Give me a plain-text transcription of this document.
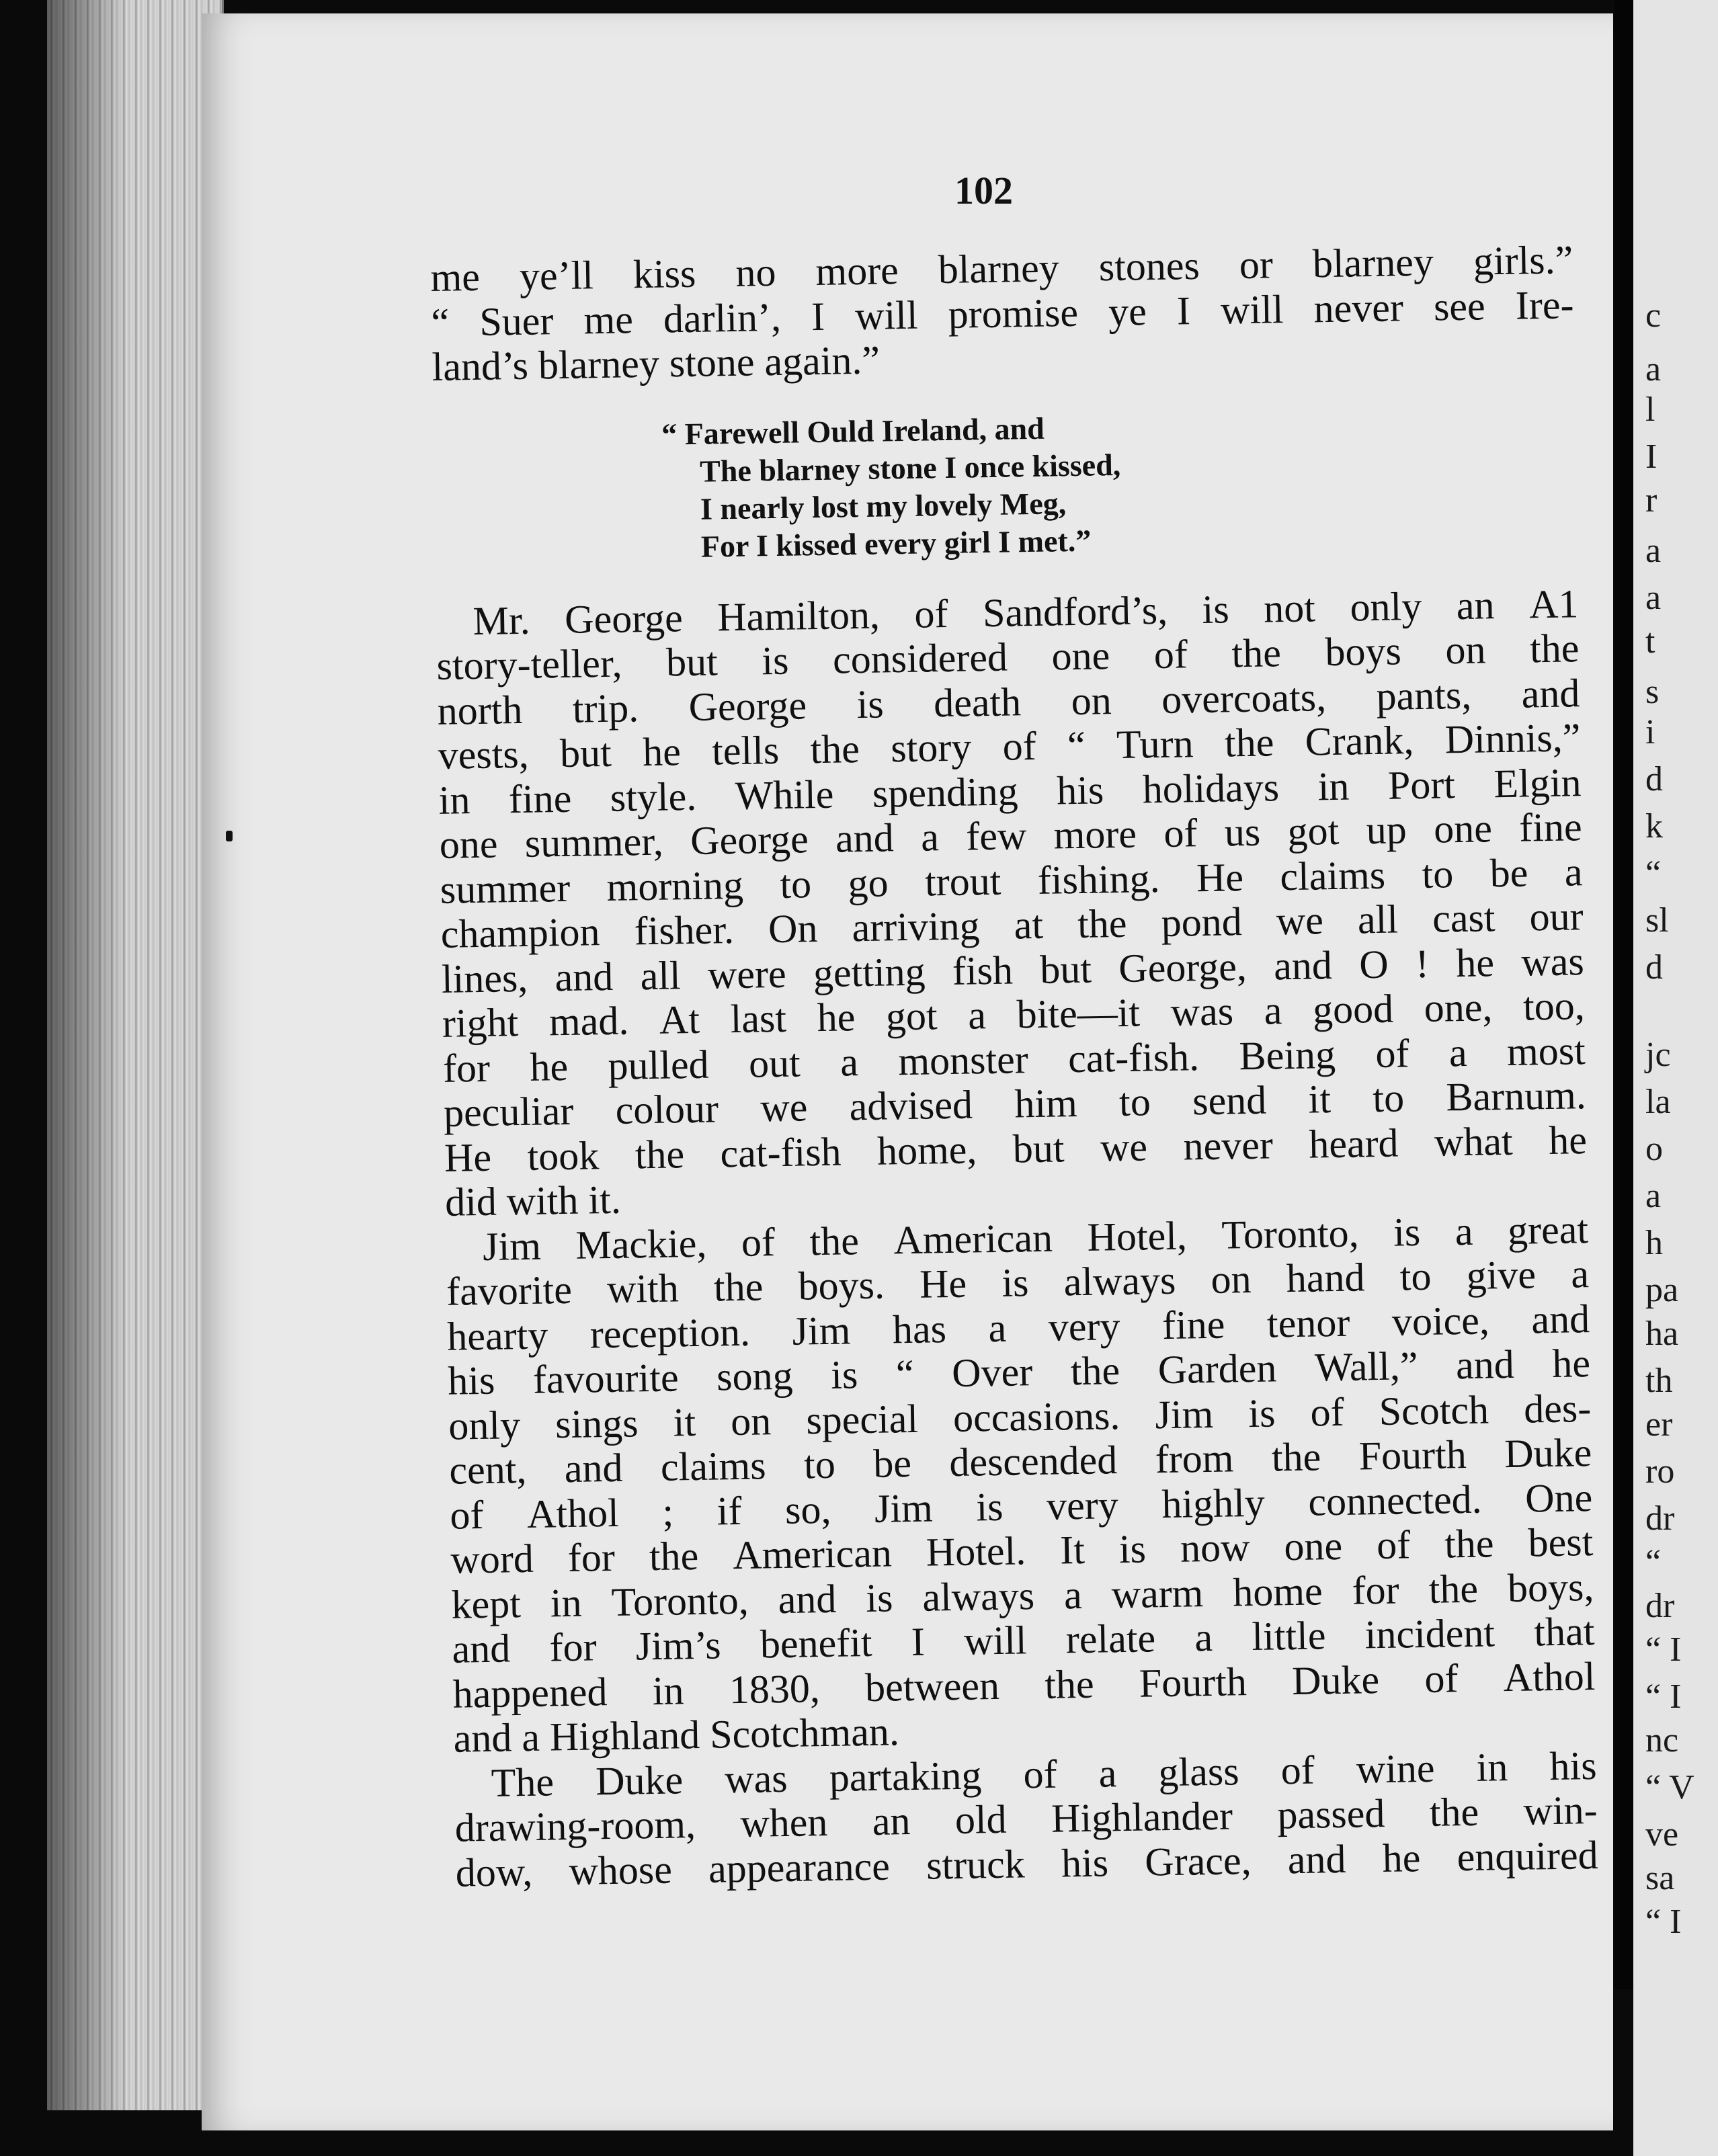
c
a
l
I
r
a
a
t
s
i
d
k
“
sl
d
jc
la
o
a
h
pa
ha
th
er
ro
dr
“
dr
“ I
“ I
nc
“ V
ve
sa
“ I
102
me ye’ll kiss no more blarney stones or blarney girls.”
“ Suer me darlin’, I will promise ye I will never see Ire-
land’s blarney stone again.”
“ Farewell Ould Ireland, and
The blarney stone I once kissed,
I nearly lost my lovely Meg,
For I kissed every girl I met.”
Mr. George Hamilton, of Sandford’s, is not only an A1
story-teller, but is considered one of the boys on the
north trip. George is death on overcoats, pants, and
vests, but he tells the story of “ Turn the Crank, Dinnis,”
in fine style. While spending his holidays in Port Elgin
one summer, George and a few more of us got up one fine
summer morning to go trout fishing. He claims to be a
champion fisher. On arriving at the pond we all cast our
lines, and all were getting fish but George, and O ! he was
right mad. At last he got a bite—it was a good one, too,
for he pulled out a monster cat-fish. Being of a most
peculiar colour we advised him to send it to Barnum.
He took the cat-fish home, but we never heard what he
did with it.
Jim Mackie, of the American Hotel, Toronto, is a great
favorite with the boys. He is always on hand to give a
hearty reception. Jim has a very fine tenor voice, and
his favourite song is “ Over the Garden Wall,” and he
only sings it on special occasions. Jim is of Scotch des-
cent, and claims to be descended from the Fourth Duke
of Athol ; if so, Jim is very highly connected. One
word for the American Hotel. It is now one of the best
kept in Toronto, and is always a warm home for the boys,
and for Jim’s benefit I will relate a little incident that
happened in 1830, between the Fourth Duke of Athol
and a Highland Scotchman.
The Duke was partaking of a glass of wine in his
drawing-room, when an old Highlander passed the win-
dow, whose appearance struck his Grace, and he enquired
